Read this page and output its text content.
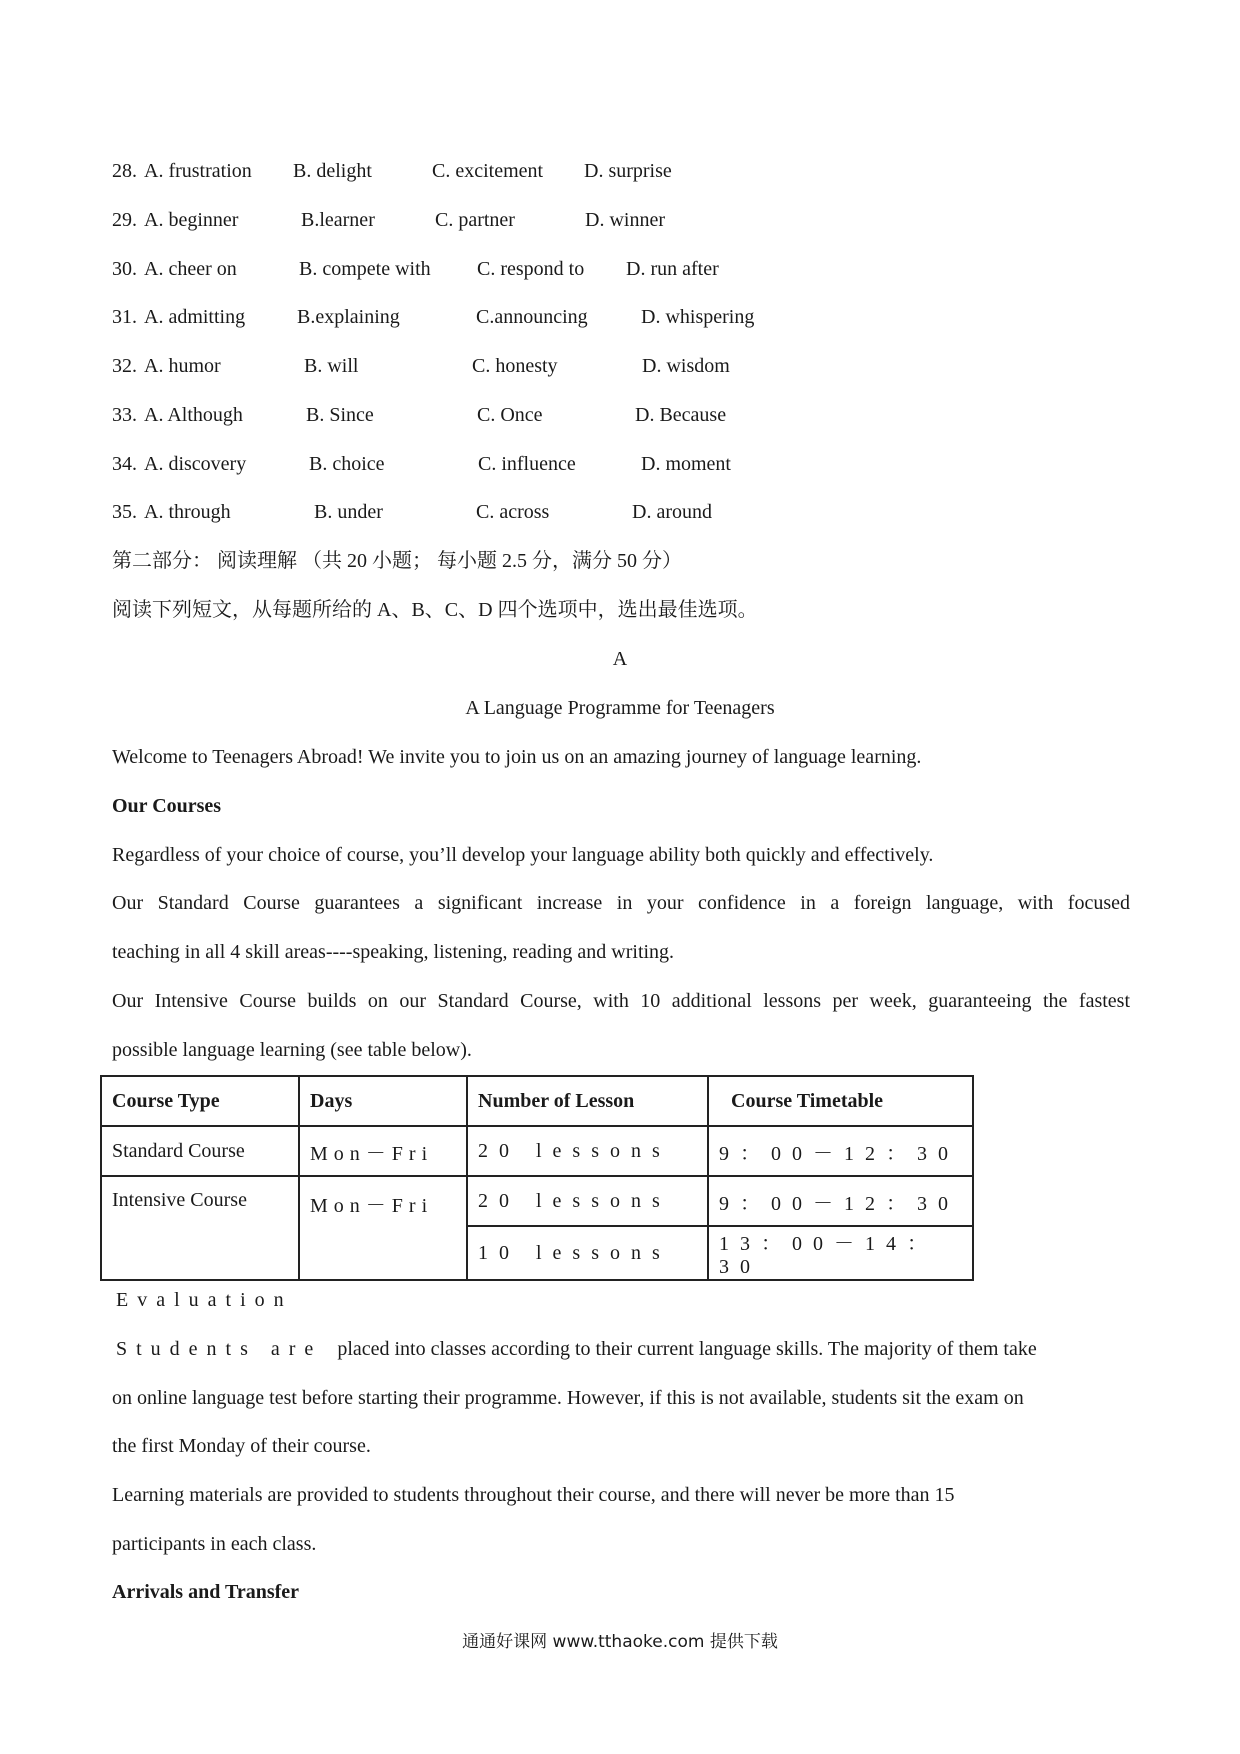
28. A. frustration B. delight	C. excitement D. surprise
29. A. beginner	B.learner	C. partner	D. winner
30. A. cheer on	B. compete with C. respond to D. run after
31. A. admitting	B.explaining	C.announcing	D. whispering
32. A. humor	B. will	C. honesty	D. wisdom
33. A. Although	B. Since	C. Once	D. Because
34. A. discovery	B. choice	C. influence	D. moment
35. A. through	B. under	C. across	D. around
第二部分： 阅读理解 （共 20 小题； 每小题 2.5 分，满分 50 分）
阅读下列短文，从每题所给的 A、B、C、D 四个选项中，选出最佳选项。
A
A Language Programme for Teenagers
Welcome to Teenagers Abroad! We invite you to join us on an amazing journey of language learning.
Our Courses
Regardless of your choice of course, you’ll develop your language ability both quickly and effectively.
Our Standard Course guarantees a significant increase in your confidence in a foreign language, with focused
teaching in all 4 skill areas----speaking, listening, reading and writing.
Our Intensive Course builds on our Standard Course, with 10 additional lessons per week, guaranteeing the fastest
possible language learning (see table below).
Course Type	Days	Number of Lesson	Course Timetable
Standard Course	Mon－Fri	20 lessons	9：00－12：30
Intensive Course	Mon－Fri	20 lessons	9：00－12：30
		10 lessons	13：00－14：30
Evaluation
Students are placed into classes according to their current language skills. The majority of them take
on online language test before starting their programme. However, if this is not available, students sit the exam on
the first Monday of their course.
Learning materials are provided to students throughout their course, and there will never be more than 15
participants in each class.
Arrivals and Transfer
通通好课网 www.tthaoke.com 提供下载
